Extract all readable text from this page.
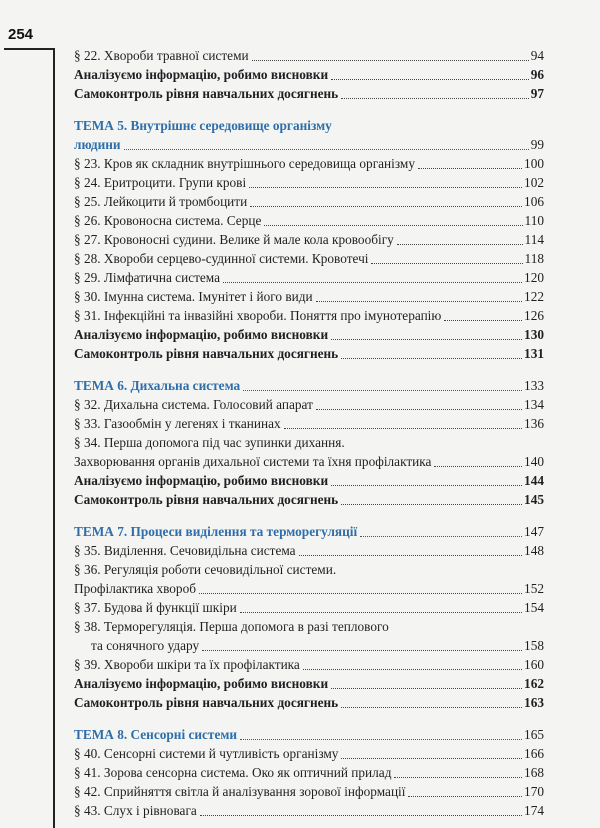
254
§ 22. Хвороби травної системи	94
Аналізуємо інформацію, робимо висновки	96
Самоконтроль рівня навчальних досягнень	97
ТЕМА 5. Внутрішнє середовище організму
людини	99
§ 23. Кров як складник внутрішнього середовища організму	100
§ 24. Еритроцити. Групи крові	102
§ 25. Лейкоцити й тромбоцити	106
§ 26. Кровоносна система. Серце	110
§ 27. Кровоносні судини. Велике й мале кола кровообігу	114
§ 28. Хвороби серцево-судинної системи. Кровотечі	118
§ 29. Лімфатична система	120
§ 30. Імунна система. Імунітет і його види	122
§ 31. Інфекційні та інвазійні хвороби. Поняття про імунотерапію	126
Аналізуємо інформацію, робимо висновки	130
Самоконтроль рівня навчальних досягнень	131
ТЕМА 6. Дихальна система	133
§ 32. Дихальна система. Голосовий апарат	134
§ 33. Газообмін у легенях і тканинах	136
§ 34. Перша допомога під час зупинки дихання.
Захворювання органів дихальної системи та їхня профілактика	140
Аналізуємо інформацію, робимо висновки	144
Самоконтроль рівня навчальних досягнень	145
ТЕМА 7. Процеси виділення та терморегуляції	147
§ 35. Виділення. Сечовидільна система	148
§ 36. Регуляція роботи сечовидільної системи.
Профілактика хвороб	152
§ 37. Будова й функції шкіри	154
§ 38. Терморегуляція. Перша допомога в разі теплового
та сонячного удару	158
§ 39. Хвороби шкіри та їх профілактика	160
Аналізуємо інформацію, робимо висновки	162
Самоконтроль рівня навчальних досягнень	163
ТЕМА 8. Сенсорні системи	165
§ 40. Сенсорні системи й чутливість організму	166
§ 41. Зорова сенсорна система. Око як оптичний прилад	168
§ 42. Сприйняття світла й аналізування зорової інформації	170
§ 43. Слух і рівновага	174
